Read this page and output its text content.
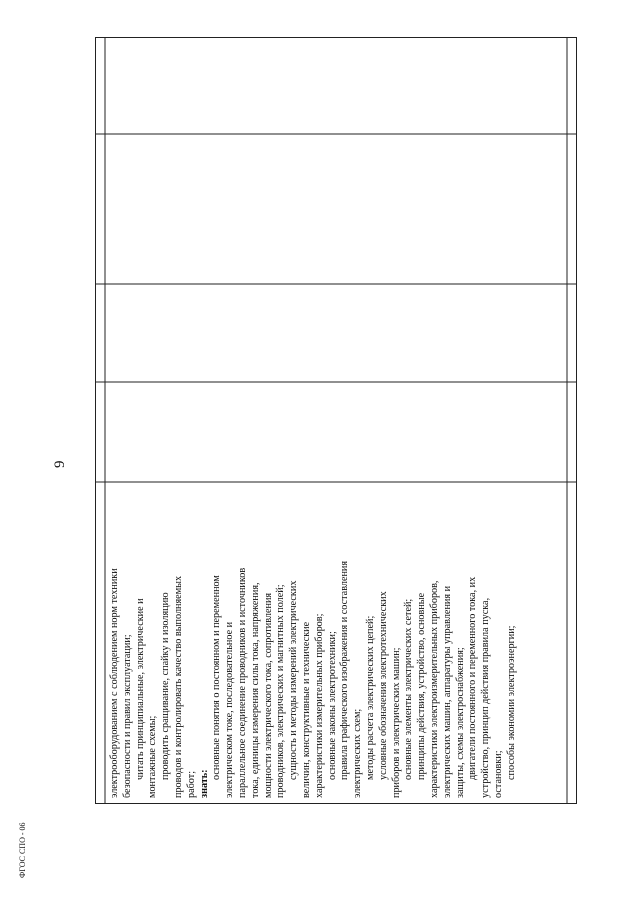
9
ФГОС СПО - 06
электрооборудованием с соблюдением норм техники безопасности и правил эксплуатации; читать принципиальные, электрические и монтажные схемы; проводить сращивание, спайку и изоляцию проводов и контролировать качество выполняемых работ; знать:
основные понятия о постоянном и переменном электрическом токе, последовательное и параллельное соединение проводников и источников тока, единицы измерения силы тока, напряжения, мощности электрического тока, сопротивления проводников, электрических и магнитных полей; сущность и методы измерений электрических величин, конструктивные и технические характеристики измерительных приборов; основные законы электротехники; правила графического изображения и составления электрических схем; методы расчета электрических цепей; условные обозначения электротехнических приборов и электрических машин; основные элементы электрических сетей; принципы действия, устройство, основные характеристики электроизмерительных приборов, электрических машин, аппаратуры управления и защиты, схемы электроснабжения; двигатели постоянного и переменного тока, их устройство, принцип действия правила пуска, остановки; способы экономии электроэнергии;
